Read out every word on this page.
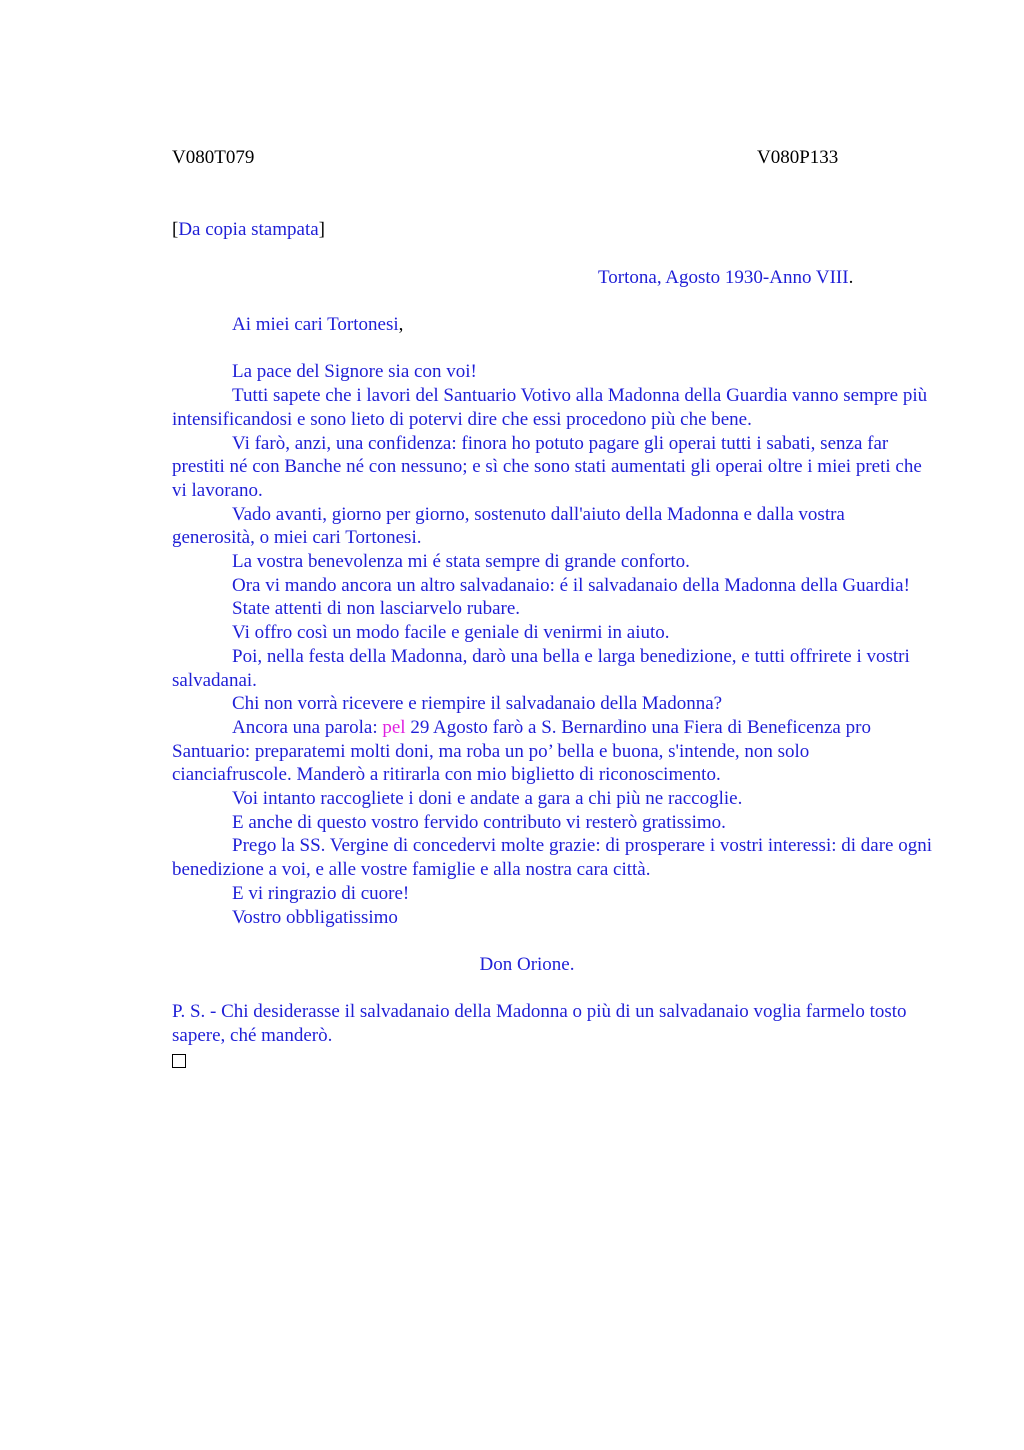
V080T079	V080P133
[Da copia stampata]
Tortona, Agosto 1930-Anno VIII.

Ai miei cari Tortonesi,

La pace del Signore sia con voi!

Tutti sapete che i lavori del Santuario Votivo alla Madonna della Guardia vanno sempre più intensificandosi e sono lieto di potervi dire che essi procedono più che bene.

Vi farò, anzi, una confidenza: finora ho potuto pagare gli operai tutti i sabati, senza far prestiti né con Banche né con nessuno; e sì che sono stati aumentati gli operai oltre i miei preti che vi lavorano.

Vado avanti, giorno per giorno, sostenuto dall'aiuto della Madonna e dalla vostra generosità, o miei cari Tortonesi.

La vostra benevolenza mi é stata sempre di grande conforto.

Ora vi mando ancora un altro salvadanaio: é il salvadanaio della Madonna della Guardia!

State attenti di non lasciarvelo rubare.

Vi offro così un modo facile e geniale di venirmi in aiuto.

Poi, nella festa della Madonna, darò una bella e larga benedizione, e tutti offrirete i vostri salvadanai.

Chi non vorrà ricevere e riempire il salvadanaio della Madonna?

Ancora una parola: pel 29 Agosto farò a S. Bernardino una Fiera di Beneficenza pro Santuario: preparatemi molti doni, ma roba un po’ bella e buona, s'intende, non solo cianciafruscole. Manderò a ritirarla con mio biglietto di riconoscimento.

Voi intanto raccogliete i doni e andate a gara a chi più ne raccoglie.

E anche di questo vostro fervido contributo vi resterò gratissimo.

Prego la SS. Vergine di concedervi molte grazie: di prosperare i vostri interessi: di dare ogni benedizione a voi, e alle vostre famiglie e alla nostra cara città.

E vi ringrazio di cuore!

Vostro obbligatissimo

Don Orione.

P. S. - Chi desiderasse il salvadanaio della Madonna o più di un salvadanaio voglia farmelo tosto sapere, ché manderò.
